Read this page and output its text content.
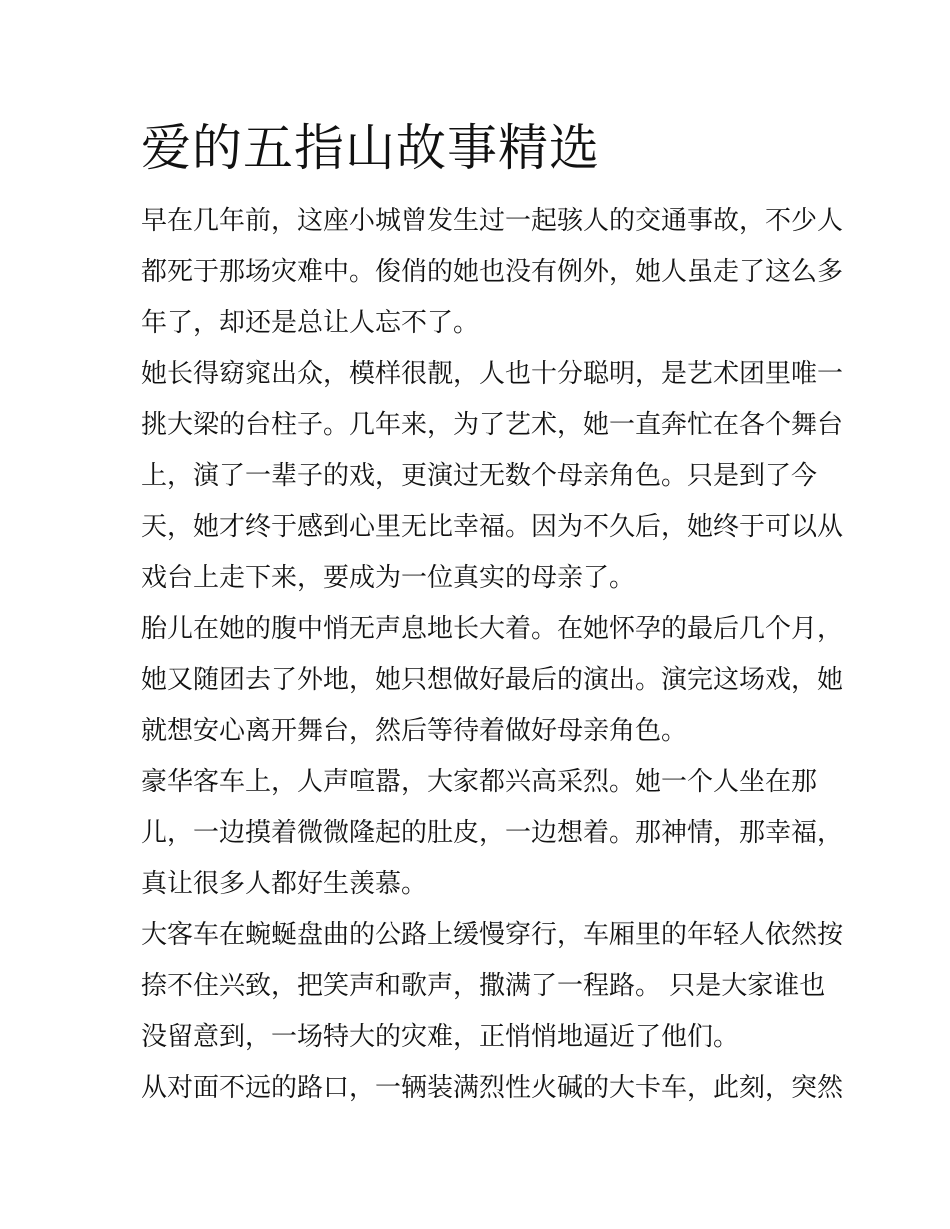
爱的五指山故事精选

早在几年前，这座小城曾发生过一起骇人的交通事故，不少人
都死于那场灾难中。俊俏的她也没有例外，她人虽走了这么多
年了，却还是总让人忘不了。

她长得窈窕出众，模样很靓，人也十分聪明，是艺术团里唯一
挑大梁的台柱子。几年来，为了艺术，她一直奔忙在各个舞台
上，演了一辈子的戏，更演过无数个母亲角色。只是到了今
天，她才终于感到心里无比幸福。因为不久后，她终于可以从
戏台上走下来，要成为一位真实的母亲了。

胎儿在她的腹中悄无声息地长大着。在她怀孕的最后几个月，
她又随团去了外地，她只想做好最后的演出。演完这场戏，她
就想安心离开舞台，然后等待着做好母亲角色。

豪华客车上，人声喧嚣，大家都兴高采烈。她一个人坐在那
儿，一边摸着微微隆起的肚皮，一边想着。那神情，那幸福，
真让很多人都好生羡慕。

大客车在蜿蜒盘曲的公路上缓慢穿行，车厢里的年轻人依然按
捺不住兴致，把笑声和歌声，撒满了一程路。 只是大家谁也
没留意到，一场特大的灾难，正悄悄地逼近了他们。

从对面不远的路口，一辆装满烈性火碱的大卡车，此刻，突然
